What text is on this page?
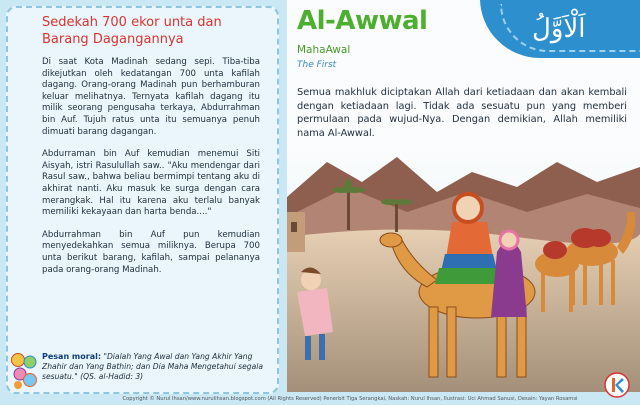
Sedekah 700 ekor unta dan Barang Dagangannya

Di saat Kota Madinah sedang sepi. Tiba-tiba dikejutkan oleh kedatangan 700 unta kafilah dagang. Orang-orang Madinah pun berhamburan keluar melihatnya. Ternyata kafilah dagang itu milik seorang pengusaha terkaya, Abdurrahman bin Auf. Tujuh ratus unta itu semuanya penuh dimuati barang dagangan.

Abdurraman bin Auf kemudian menemui Siti Aisyah, istri Rasulullah saw.. "Aku mendengar dari Rasul saw., bahwa beliau bermimpi tentang aku di akhirat nanti. Aku masuk ke surga dengan cara merangkak. Hal itu karena aku terlalu banyak memiliki kekayaan dan harta benda...."

Abdurrahman bin Auf pun kemudian menyedekahkan semua miliknya. Berupa 700 unta berikut barang, kafilah, sampai pelananya pada orang-orang Madinah.

Pesan moral: "Dialah Yang Awal dan Yang Akhir Yang Zhahir dan Yang Bathin; dan Dia Maha Mengetahui segala sesuatu." (QS. al-Hadid: 3)
اَلْاَوَّلُ
Al-Awwal
MahaAwal
The First
Semua makhluk diciptakan Allah dari ketiadaan dan akan kembali dengan ketiadaan lagi. Tidak ada sesuatu pun yang memberi permulaan pada wujud-Nya. Dengan demikian, Allah memiliki nama Al-Awwal.
Copyright © Nurul Ihsan/www.nurulihsan.blogspot.com (All Rights Reserved) Penerbit Tiga Serangkai, Naskah: Nurul Ihsan, Ilustrasi: Uci Ahmad Sanusi, Desain: Yayan Rosamsi
